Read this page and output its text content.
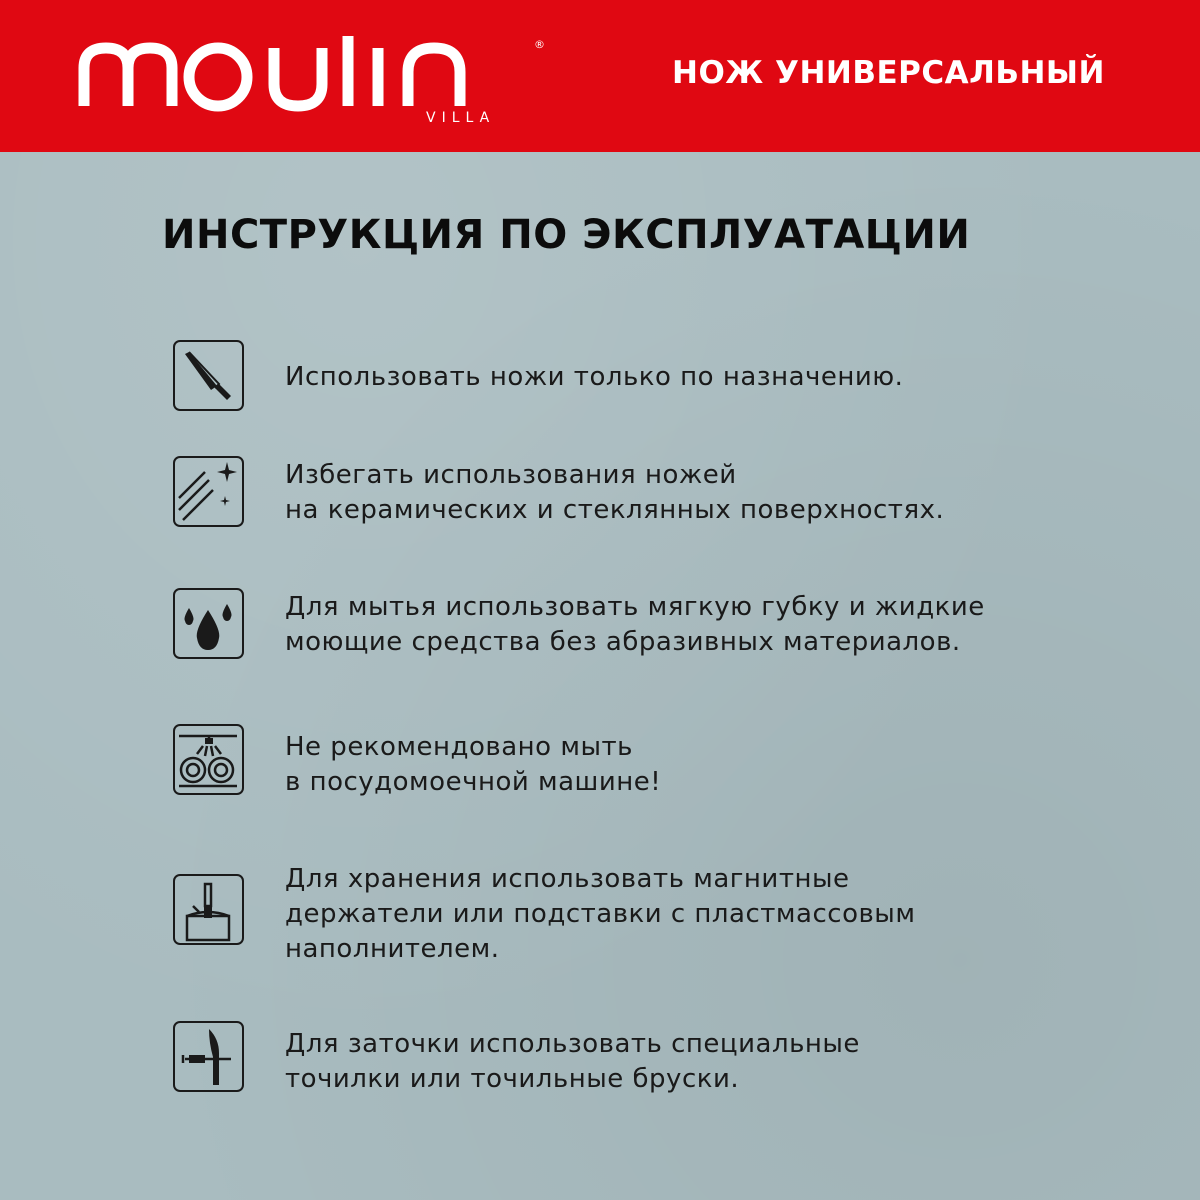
®
VILLA
НОЖ УНИВЕРСАЛЬНЫЙ
ИНСТРУКЦИЯ ПО ЭКСПЛУАТАЦИИ
Использовать ножи только по назначению.
Избегать использования ножей
на керамических и стеклянных поверхностях.
Для мытья использовать мягкую губку и жидкие
моющие средства без абразивных материалов.
Не рекомендовано мыть
в посудомоечной машине!
Для хранения использовать магнитные
держатели или подставки с пластмассовым
наполнителем.
Для заточки использовать специальные
точилки или точильные бруски.
